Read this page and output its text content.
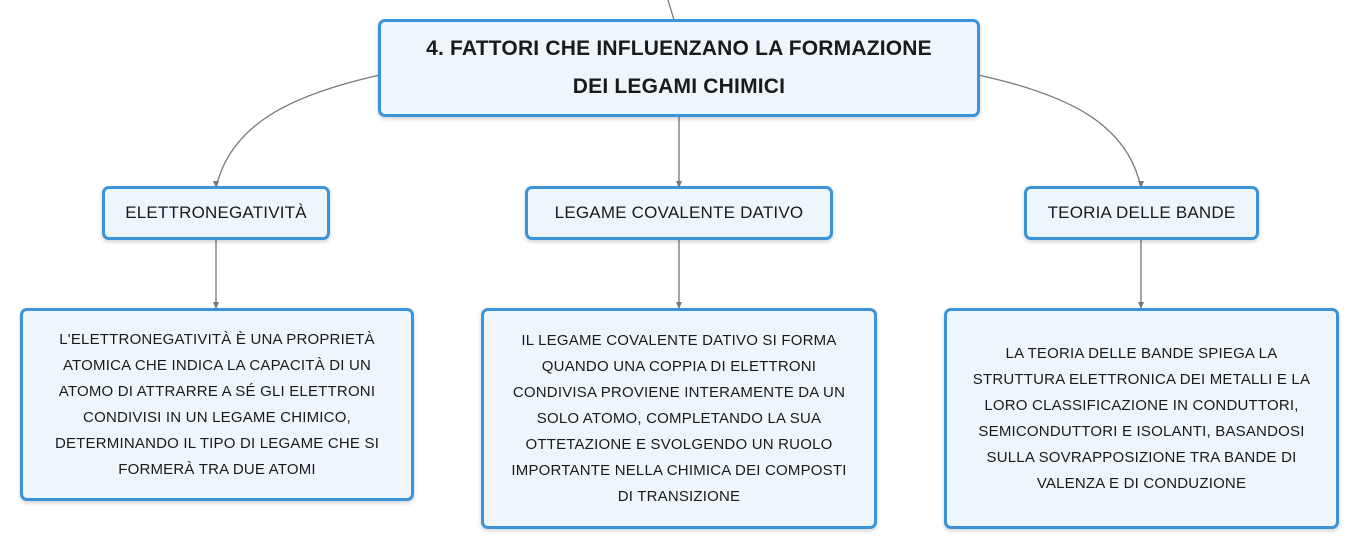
4. FATTORI CHE INFLUENZANO LA FORMAZIONE
DEI LEGAMI CHIMICI
ELETTRONEGATIVITÀ	LEGAME COVALENTE DATIVO	TEORIA DELLE BANDE
L'ELETTRONEGATIVITÀ È UNA PROPRIETÀ
ATOMICA CHE INDICA LA CAPACITÀ DI UN
ATOMO DI ATTRARRE A SÉ GLI ELETTRONI
CONDIVISI IN UN LEGAME CHIMICO,
DETERMINANDO IL TIPO DI LEGAME CHE SI
FORMERÀ TRA DUE ATOMI
IL LEGAME COVALENTE DATIVO SI FORMA
QUANDO UNA COPPIA DI ELETTRONI
CONDIVISA PROVIENE INTERAMENTE DA UN
SOLO ATOMO, COMPLETANDO LA SUA
OTTETAZIONE E SVOLGENDO UN RUOLO
IMPORTANTE NELLA CHIMICA DEI COMPOSTI
DI TRANSIZIONE
LA TEORIA DELLE BANDE SPIEGA LA
STRUTTURA ELETTRONICA DEI METALLI E LA
LORO CLASSIFICAZIONE IN CONDUTTORI,
SEMICONDUTTORI E ISOLANTI, BASANDOSI
SULLA SOVRAPPOSIZIONE TRA BANDE DI
VALENZA E DI CONDUZIONE
